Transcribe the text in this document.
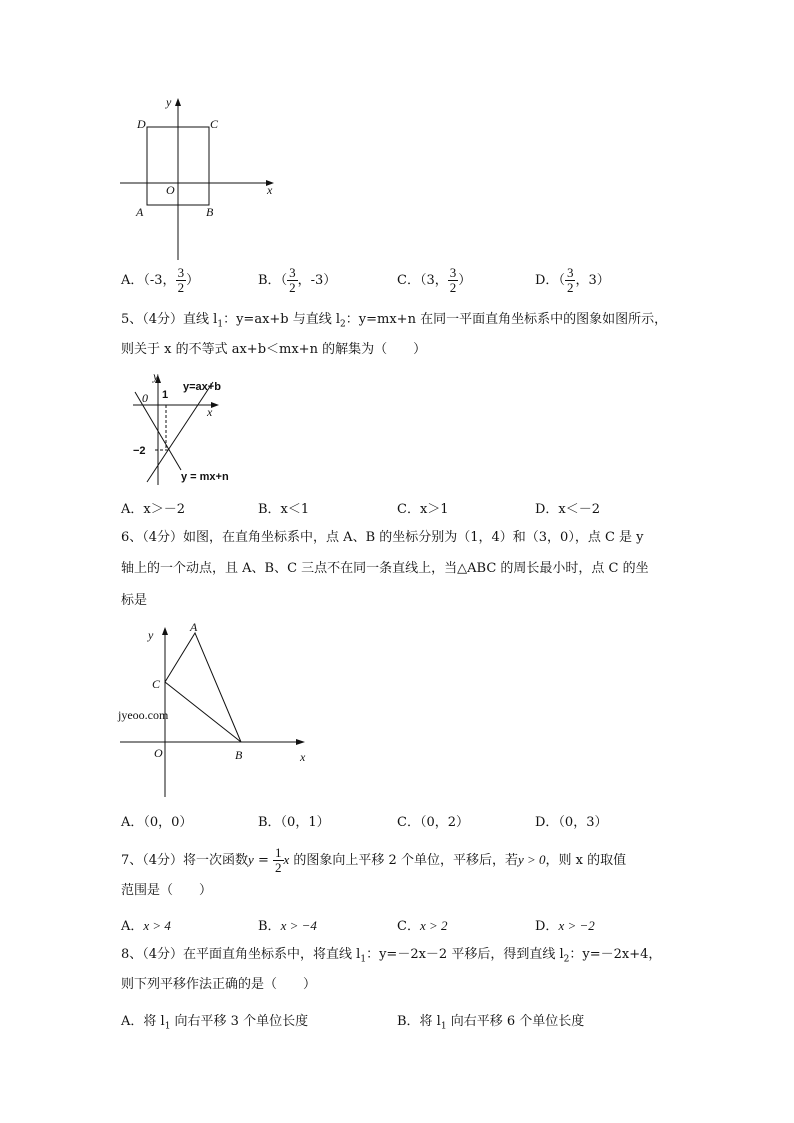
y
x
O
A	B
C
D
A．（-3， $\frac{3}{2}$ ）	B．（ $\frac{3}{2}$ ，-3）	C．（3， $\frac{3}{2}$ ）	D．（ $\frac{3}{2}$ ，3）
5、（4分）直线 $l_1$：y=ax+b 与直线 $l_2$：y=mx+n 在同一平面直角坐标系中的图象如图所示，
则关于 x 的不等式 ax+b＜mx+n 的解集为（　　）
y
x
0 1
−2
y=ax+b
y = mx+n
A．x＞－2	B．x＜1	C．x＞1	D．x＜－2
6、（4分）如图，在直角坐标系中，点 A、B 的坐标分别为（1，4）和（3，0），点 C 是 y
轴上的一个动点，且 A、B、C 三点不在同一条直线上，当△ABC 的周长最小时，点 C 的坐
标是
jyeoo.com
y
x
O
A
B
C
A．（0，0）	B．（0，1）	C．（0，2）	D．（0，3）
7、（4分）将一次函数$y = \frac{1}{2}$ x 的图象向上平移 2 个单位，平移后，若y > 0，则 x 的取值
范围是（　　）
A．x > 4	B．x > −4	C．x > 2	D．x > −2
8、（4分）在平面直角坐标系中，将直线 $l_1$：y=－2x－2 平移后，得到直线 $l_2$：y=－2x+4，
则下列平移作法正确的是（　　）
A．将 $l_1$ 向右平移 3 个单位长度	B．将 $l_1$ 向右平移 6 个单位长度
